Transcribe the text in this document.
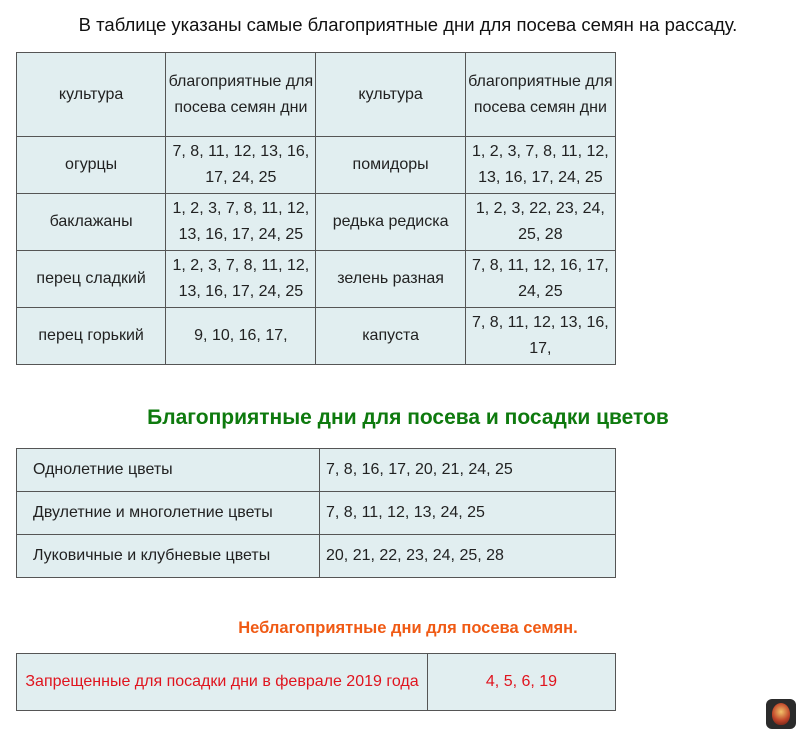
В таблице указаны самые благоприятные дни для посева семян на рассаду.
культура	благоприятные для посева семян дни	культура	благоприятные для посева семян дни
огурцы	7, 8, 11, 12, 13, 16, 17, 24, 25	помидоры	1, 2, 3, 7, 8, 11, 12, 13, 16, 17, 24, 25
баклажаны	1, 2, 3, 7, 8, 11, 12, 13, 16, 17, 24, 25	редька редиска	1, 2, 3, 22, 23, 24, 25, 28
перец сладкий	1, 2, 3, 7, 8, 11, 12, 13, 16, 17, 24, 25	зелень разная	7, 8, 11, 12, 16, 17, 24, 25
перец горький	9, 10, 16, 17,	капуста	7, 8, 11, 12, 13, 16, 17,
Благоприятные дни для посева и посадки цветов
Однолетние цветы	7, 8, 16, 17, 20, 21, 24, 25
Двулетние и многолетние цветы	7, 8, 11, 12, 13, 24, 25
Луковичные и клубневые цветы	20, 21, 22, 23, 24, 25, 28
Неблагоприятные дни для посева семян.
Запрещенные для посадки дни в феврале 2019 года	4, 5, 6, 19
